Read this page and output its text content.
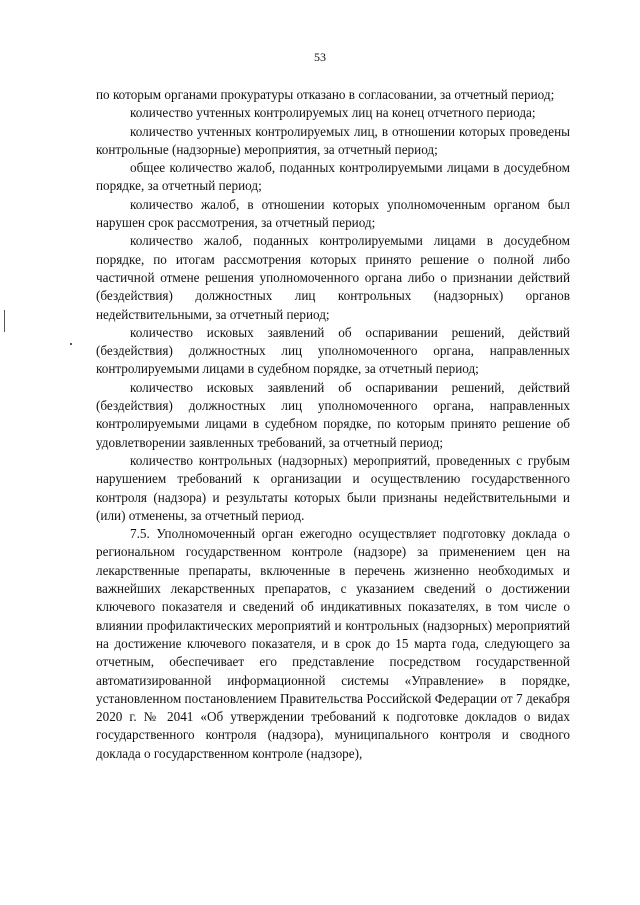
53

по которым органами прокуратуры отказано в согласовании, за отчетный период;

количество учтенных контролируемых лиц на конец отчетного периода;

количество учтенных контролируемых лиц, в отношении которых проведены контрольные (надзорные) мероприятия, за отчетный период;

общее количество жалоб, поданных контролируемыми лицами в досудебном порядке, за отчетный период;

количество жалоб, в отношении которых уполномоченным органом был нарушен срок рассмотрения, за отчетный период;

количество жалоб, поданных контролируемыми лицами в досудебном порядке, по итогам рассмотрения которых принято решение о полной либо частичной отмене решения уполномоченного органа либо о признании действий (бездействия) должностных лиц контрольных (надзорных) органов недействительными, за отчетный период;

количество исковых заявлений об оспаривании решений, действий (бездействия) должностных лиц уполномоченного органа, направленных контролируемыми лицами в судебном порядке, за отчетный период;

количество исковых заявлений об оспаривании решений, действий (бездействия) должностных лиц уполномоченного органа, направленных контролируемыми лицами в судебном порядке, по которым принято решение об удовлетворении заявленных требований, за отчетный период;

количество контрольных (надзорных) мероприятий, проведенных с грубым нарушением требований к организации и осуществлению государственного контроля (надзора) и результаты которых были признаны недействительными и (или) отменены, за отчетный период.

7.5. Уполномоченный орган ежегодно осуществляет подготовку доклада о региональном государственном контроле (надзоре) за применением цен на лекарственные препараты, включенные в перечень жизненно необходимых и важнейших лекарственных препаратов, с указанием сведений о достижении ключевого показателя и сведений об индикативных показателях, в том числе о влиянии профилактических мероприятий и контрольных (надзорных) мероприятий на достижение ключевого показателя, и в срок до 15 марта года, следующего за отчетным, обеспечивает его представление посредством государственной автоматизированной информационной системы «Управление» в порядке, установленном постановлением Правительства Российской Федерации от 7 декабря 2020 г. № 2041 «Об утверждении требований к подготовке докладов о видах государственного контроля (надзора), муниципального контроля и сводного доклада о государственном контроле (надзоре),
